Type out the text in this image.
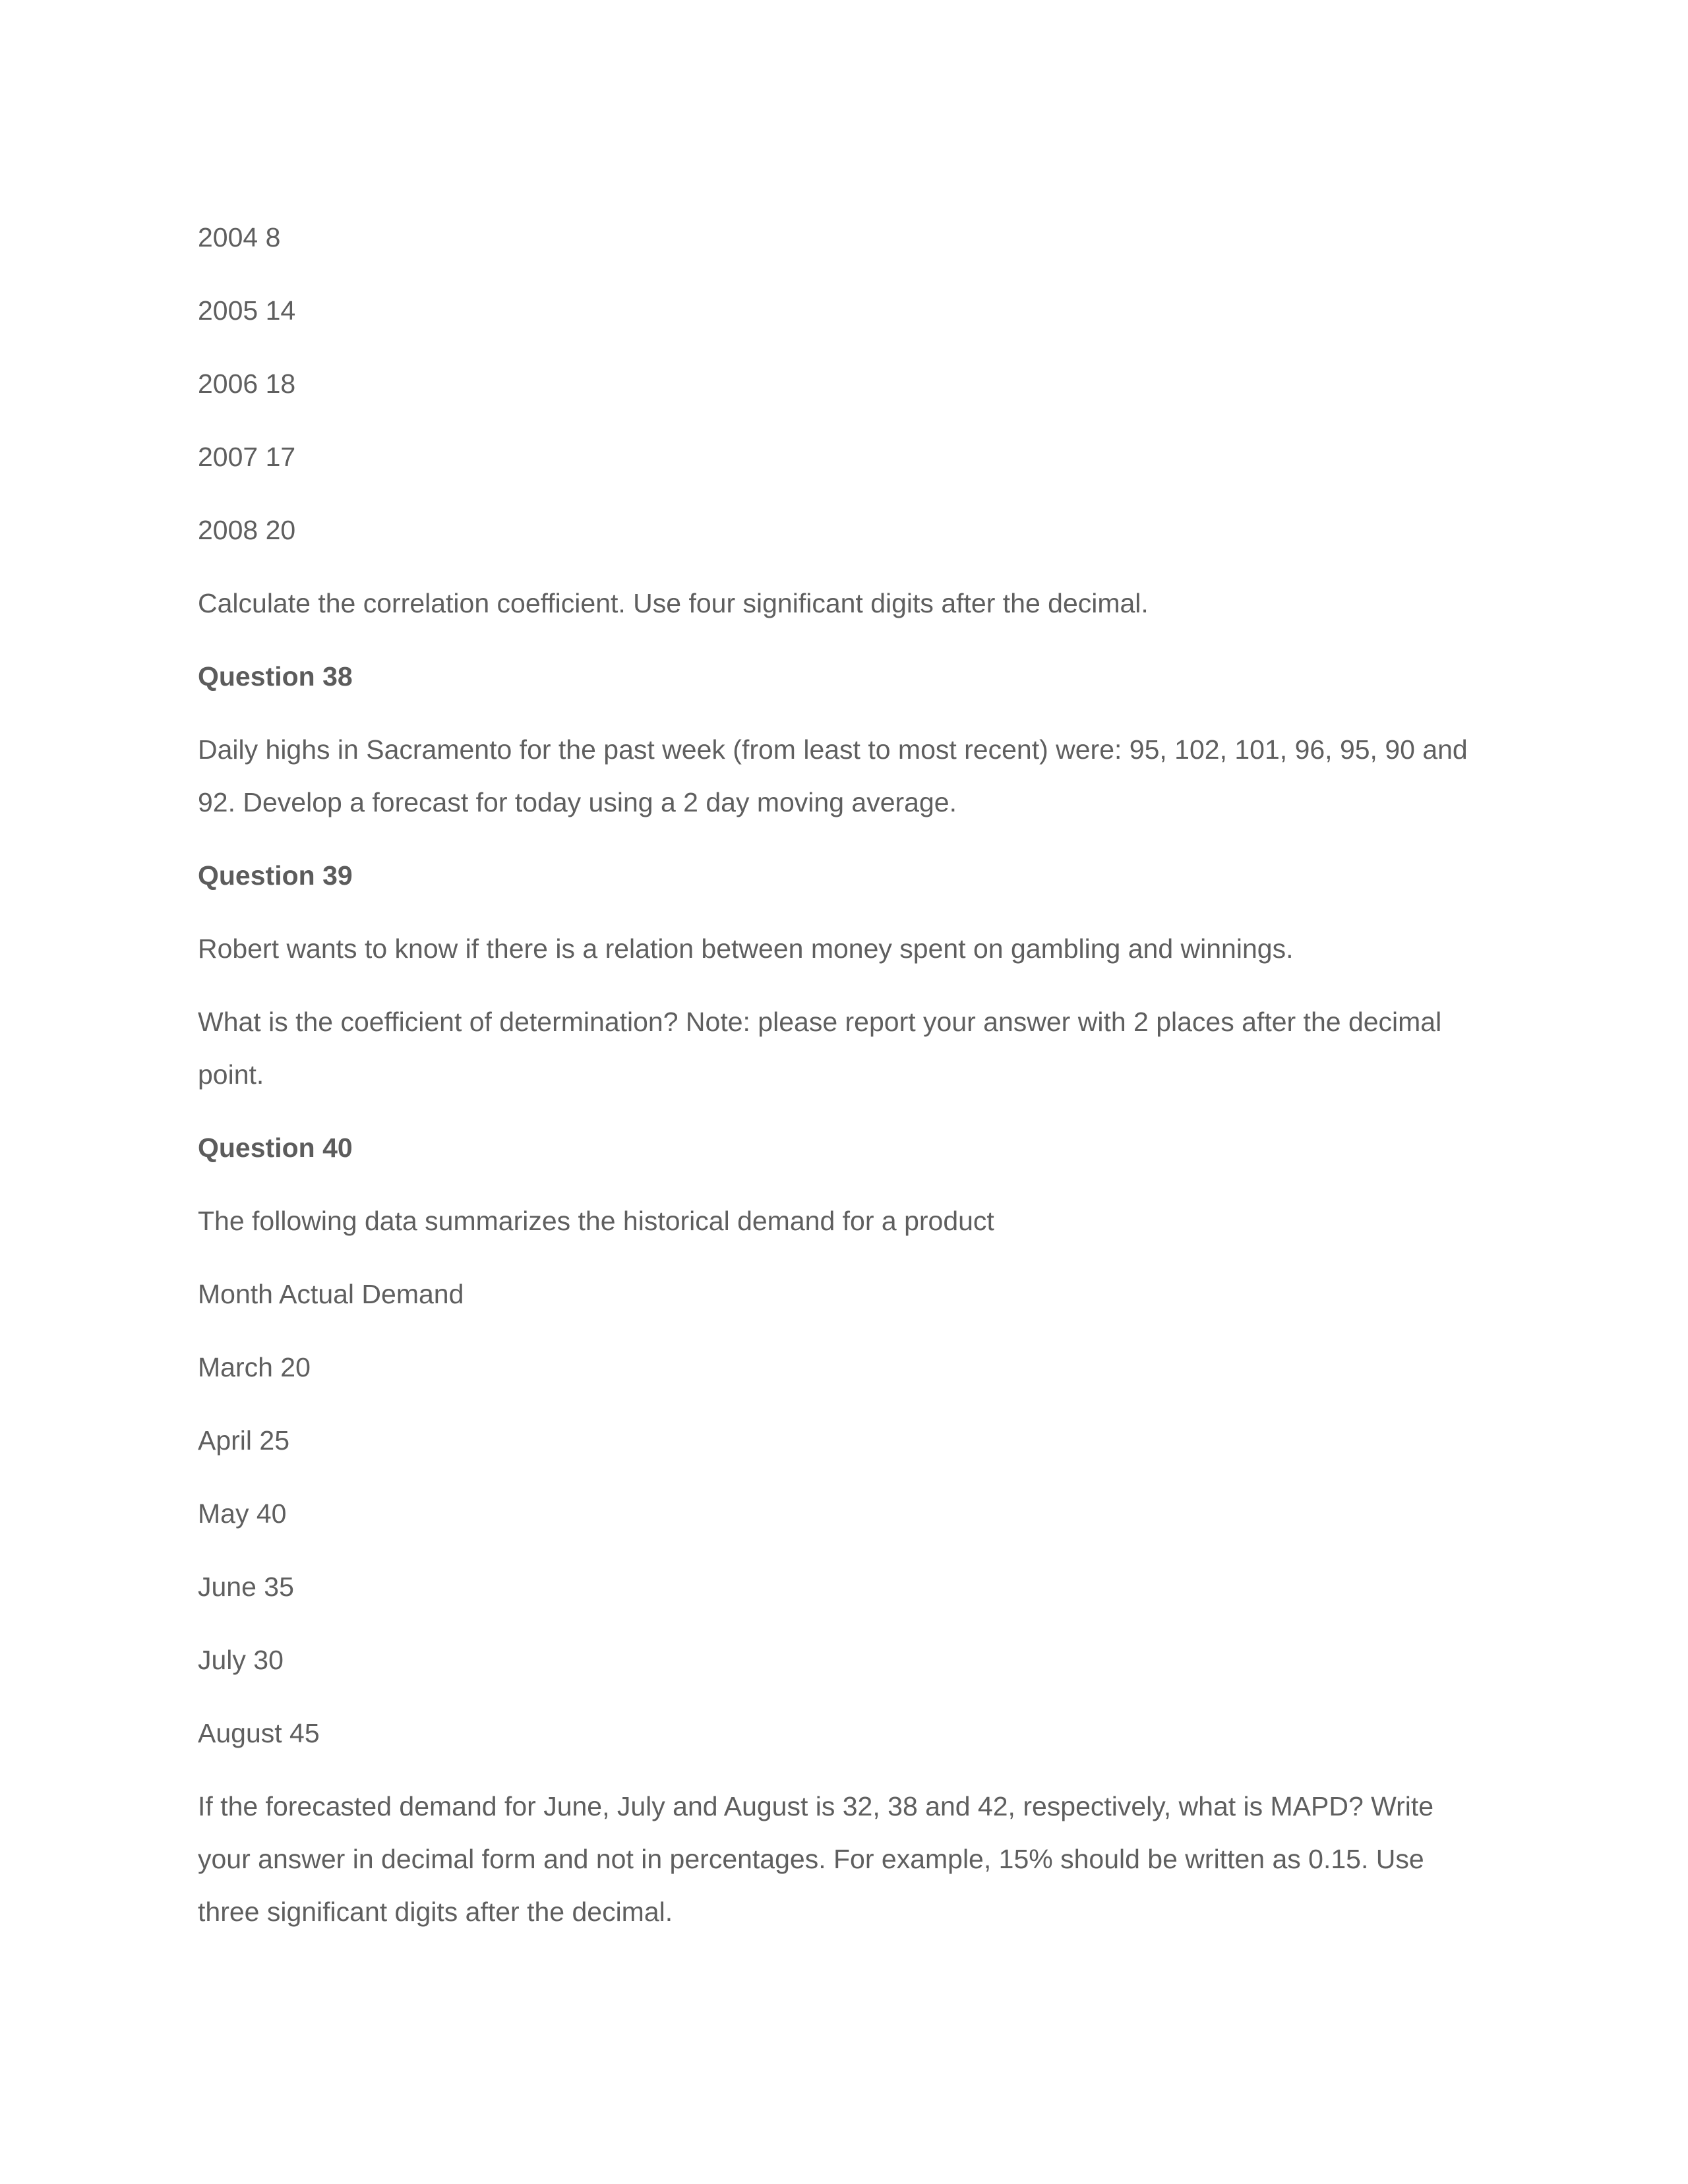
2004 8
2005 14
2006 18
2007 17
2008 20
Calculate the correlation coefficient. Use four significant digits after the decimal.
Question 38
Daily highs in Sacramento for the past week (from least to most recent) were: 95, 102, 101, 96, 95, 90 and 92. Develop a forecast for today using a 2 day moving average.
Question 39
Robert wants to know if there is a relation between money spent on gambling and winnings.
What is the coefficient of determination? Note: please report your answer with 2 places after the decimal point.
Question 40
The following data summarizes the historical demand for a product
Month Actual Demand
March 20
April 25
May 40
June 35
July 30
August 45
If the forecasted demand for June, July and August is 32, 38 and 42, respectively, what is MAPD? Write your answer in decimal form and not in percentages. For example, 15% should be written as 0.15. Use three significant digits after the decimal.
